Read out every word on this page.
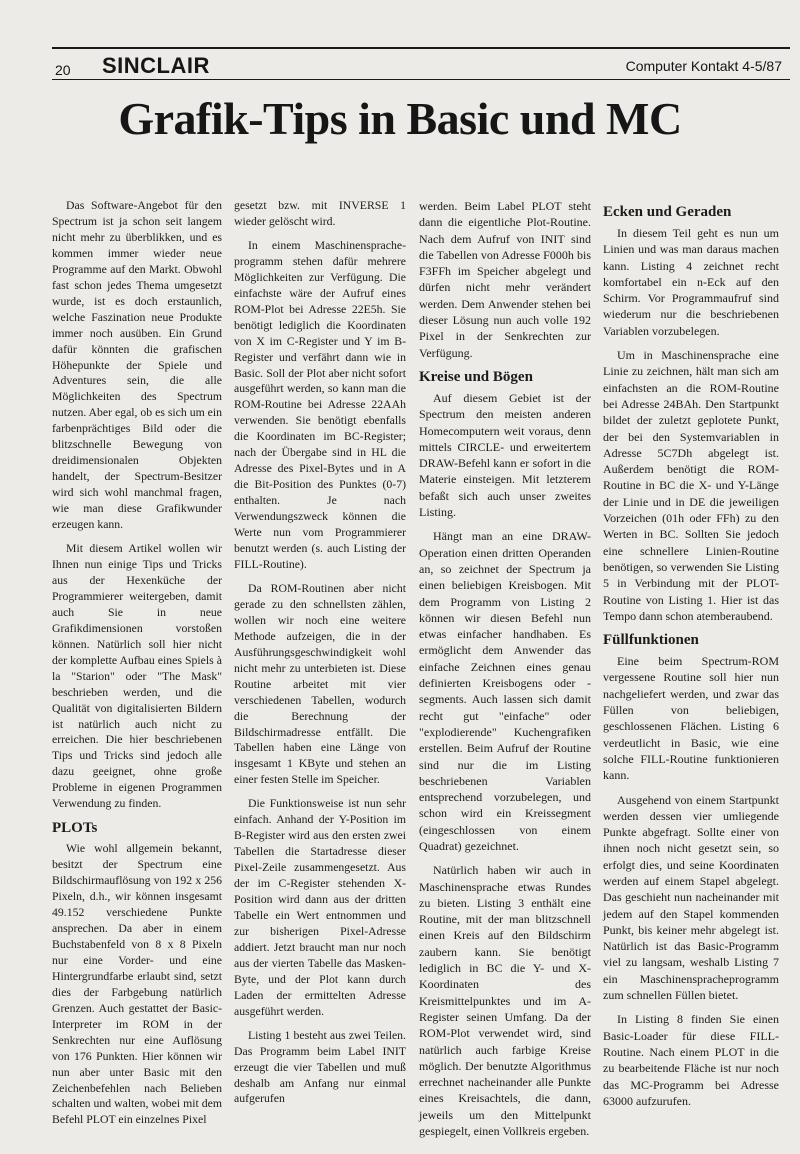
20 SINCLAIR	Computer Kontakt 4-5/87
Grafik-Tips in Basic und MC

Das Software-Angebot für den Spectrum ist ja schon seit langem nicht mehr zu überblikken, und es kommen immer wieder neue Programme auf den Markt. Obwohl fast schon jedes Thema umgesetzt wurde, ist es doch erstaunlich, welche Faszination neue Produkte immer noch ausüben. Ein Grund dafür könnten die grafischen Höhepunkte der Spiele und Adventures sein, die alle Möglichkeiten des Spectrum nutzen. Aber egal, ob es sich um ein farbenprächtiges Bild oder die blitzschnelle Bewegung von dreidimensionalen Objekten handelt, der Spectrum-Besitzer wird sich wohl manchmal fragen, wie man diese Grafikwunder erzeugen kann.

Mit diesem Artikel wollen wir Ihnen nun einige Tips und Tricks aus der Hexenküche der Programmierer weitergeben, damit auch Sie in neue Grafikdimensionen vorstoßen können. Natürlich soll hier nicht der komplette Aufbau eines Spiels à la "Starion" oder "The Mask" beschrieben werden, und die Qualität von digitalisierten Bildern ist natürlich auch nicht zu erreichen. Die hier beschriebenen Tips und Tricks sind jedoch alle dazu geeignet, ohne große Probleme in eigenen Programmen Verwendung zu finden.

PLOTs

Wie wohl allgemein bekannt, besitzt der Spectrum eine Bildschirmauflösung von 192 x 256 Pixeln, d.h., wir können insgesamt 49.152 verschiedene Punkte ansprechen. Da aber in einem Buchstabenfeld von 8 x 8 Pixeln nur eine Vorder- und eine Hintergrundfarbe erlaubt sind, setzt dies der Farbgebung natürlich Grenzen. Auch gestattet der Basic-Interpreter im ROM in der Senkrechten nur eine Auflösung von 176 Punkten. Hier können wir nun aber unter Basic mit den Zeichenbefehlen nach Belieben schalten und walten, wobei mit dem Befehl PLOT ein einzelnes Pixel

gesetzt bzw. mit INVERSE 1 wieder gelöscht wird.

In einem Maschinensprache-programm stehen dafür mehrere Möglichkeiten zur Verfügung. Die einfachste wäre der Aufruf eines ROM-Plot bei Adresse 22E5h. Sie benötigt lediglich die Koordinaten von X im C-Register und Y im B-Register und verfährt dann wie in Basic. Soll der Plot aber nicht sofort ausgeführt werden, so kann man die ROM-Routine bei Adresse 22AAh verwenden. Sie benötigt ebenfalls die Koordinaten im BC-Register; nach der Übergabe sind in HL die Adresse des Pixel-Bytes und in A die Bit-Position des Punktes (0-7) enthalten. Je nach Verwendungszweck können die Werte nun vom Programmierer benutzt werden (s. auch Listing der FILL-Routine).

Da ROM-Routinen aber nicht gerade zu den schnellsten zählen, wollen wir noch eine weitere Methode aufzeigen, die in der Ausführungsgeschwindigkeit wohl nicht mehr zu unterbieten ist. Diese Routine arbeitet mit vier verschiedenen Tabellen, wodurch die Berechnung der Bildschirmadresse entfällt. Die Tabellen haben eine Länge von insgesamt 1 KByte und stehen an einer festen Stelle im Speicher.

Die Funktionsweise ist nun sehr einfach. Anhand der Y-Position im B-Register wird aus den ersten zwei Tabellen die Startadresse dieser Pixel-Zeile zusammengesetzt. Aus der im C-Register stehenden X-Position wird dann aus der dritten Tabelle ein Wert entnommen und zur bisherigen Pixel-Adresse addiert. Jetzt braucht man nur noch aus der vierten Tabelle das Masken-Byte, und der Plot kann durch Laden der ermittelten Adresse ausgeführt werden.

Listing 1 besteht aus zwei Teilen. Das Programm beim Label INIT erzeugt die vier Tabellen und muß deshalb am Anfang nur einmal aufgerufen

werden. Beim Label PLOT steht dann die eigentliche Plot-Routine. Nach dem Aufruf von INIT sind die Tabellen von Adresse F000h bis F3FFh im Speicher abgelegt und dürfen nicht mehr verändert werden. Dem Anwender stehen bei dieser Lösung nun auch volle 192 Pixel in der Senkrechten zur Verfügung.

Kreise und Bögen

Auf diesem Gebiet ist der Spectrum den meisten anderen Homecomputern weit voraus, denn mittels CIRCLE- und erweitertem DRAW-Befehl kann er sofort in die Materie einsteigen. Mit letzterem befaßt sich auch unser zweites Listing.

Hängt man an eine DRAW-Operation einen dritten Operanden an, so zeichnet der Spectrum ja einen beliebigen Kreisbogen. Mit dem Programm von Listing 2 können wir diesen Befehl nun etwas einfacher handhaben. Es ermöglicht dem Anwender das einfache Zeichnen eines genau definierten Kreisbogens oder -segments. Auch lassen sich damit recht gut "einfache" oder "explodierende" Kuchengrafiken erstellen. Beim Aufruf der Routine sind nur die im Listing beschriebenen Variablen entsprechend vorzubelegen, und schon wird ein Kreissegment (eingeschlossen von einem Quadrat) gezeichnet.

Natürlich haben wir auch in Maschinensprache etwas Rundes zu bieten. Listing 3 enthält eine Routine, mit der man blitzschnell einen Kreis auf den Bildschirm zaubern kann. Sie benötigt lediglich in BC die Y- und X-Koordinaten des Kreismittelpunktes und im A-Register seinen Umfang. Da der ROM-Plot verwendet wird, sind natürlich auch farbige Kreise möglich. Der benutzte Algorithmus errechnet nacheinander alle Punkte eines Kreisachtels, die dann, jeweils um den Mittelpunkt gespiegelt, einen Vollkreis ergeben.

Ecken und Geraden

In diesem Teil geht es nun um Linien und was man daraus machen kann. Listing 4 zeichnet recht komfortabel ein n-Eck auf den Schirm. Vor Programmaufruf sind wiederum nur die beschriebenen Variablen vorzubelegen.

Um in Maschinensprache eine Linie zu zeichnen, hält man sich am einfachsten an die ROM-Routine bei Adresse 24BAh. Den Startpunkt bildet der zuletzt geplotete Punkt, der bei den Systemvariablen in Adresse 5C7Dh abgelegt ist. Außerdem benötigt die ROM-Routine in BC die X- und Y-Länge der Linie und in DE die jeweiligen Vorzeichen (01h oder FFh) zu den Werten in BC. Sollten Sie jedoch eine schnellere Linien-Routine benötigen, so verwenden Sie Listing 5 in Verbindung mit der PLOT-Routine von Listing 1. Hier ist das Tempo dann schon atemberaubend.

Füllfunktionen

Eine beim Spectrum-ROM vergessene Routine soll hier nun nachgeliefert werden, und zwar das Füllen von beliebigen, geschlossenen Flächen. Listing 6 verdeutlicht in Basic, wie eine solche FILL-Routine funktionieren kann.

Ausgehend von einem Startpunkt werden dessen vier umliegende Punkte abgefragt. Sollte einer von ihnen noch nicht gesetzt sein, so erfolgt dies, und seine Koordinaten werden auf einem Stapel abgelegt. Das geschieht nun nacheinander mit jedem auf den Stapel kommenden Punkt, bis keiner mehr abgelegt ist. Natürlich ist das Basic-Programm viel zu langsam, weshalb Listing 7 ein Maschinenspracheprogramm zum schnellen Füllen bietet.

In Listing 8 finden Sie einen Basic-Loader für diese FILL-Routine. Nach einem PLOT in die zu bearbeitende Fläche ist nur noch das MC-Programm bei Adresse 63000 aufzurufen.
